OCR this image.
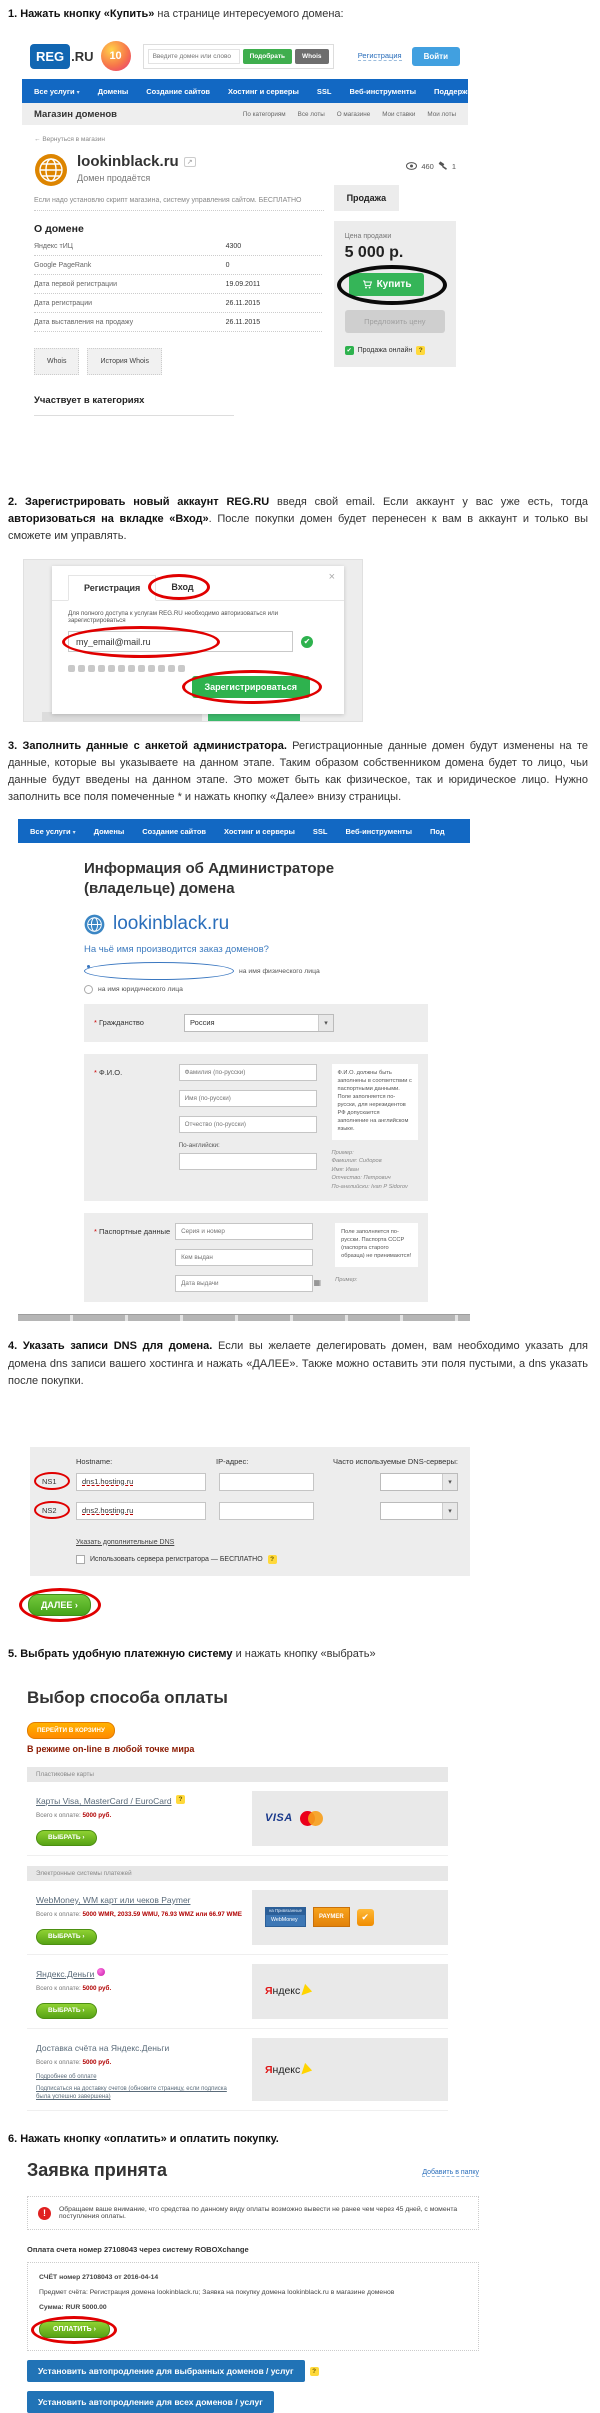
1. Нажать кнопку «Купить» на странице интересуемого домена:

REG .RU	10
Введите домен или слово	Подобрать	Whois	Регистрация	Войти
Все услуги ▾	Домены	Создание сайтов	Хостинг и серверы	SSL	Веб-инструменты	Поддержка
Магазин доменов	По категориям Все лоты О магазине Мои ставки Мои лоты
← Вернуться в магазин
lookinblack.ru	↗
Домен продаётся
460 1
Если надо установлю скрипт магазина, систему управления сайтом. БЕСПЛАТНО
О домене
Яндекс тИЦ	4300
Google PageRank	0
Дата первой регистрации	19.09.2011
Дата регистрации	26.11.2015
Дата выставления на продажу	26.11.2015
Whois	История Whois
Участвует в категориях
Продажа
Цена продажи
5 000 р.
Купить
Предложить цену
✔ Продажа онлайн	?

2. Зарегистрировать новый аккаунт REG.RU введя свой email. Если аккаунт у вас уже есть, тогда авторизоваться на вкладке «Вход». После покупки домен будет перенесен к вам в аккаунт и только вы сможете им управлять.

×
Регистрация	Вход
Для полного доступа к услугам REG.RU необходимо авторизоваться или зарегистрироваться
my_email@mail.ru
✔
Зарегистрироваться

3. Заполнить данные с анкетой администратора. Регистрационные данные домен будут изменены на те данные, которые вы указываете на данном этапе. Таким образом собственником домена будет то лицо, чьи данные будут введены на данном этапе. Это может быть как физическое, так и юридическое лицо. Нужно заполнить все поля помеченные * и нажать кнопку «Далее» внизу страницы.

Все услуги ▾	Домены	Создание сайтов	Хостинг и серверы	SSL	Веб-инструменты	Под
Информация об Администраторе (владельце) домена
lookinblack.ru
На чьё имя производится заказ доменов?
на имя физического лица
на имя юридического лица
* Гражданство	Россия	▾
* Ф.И.О.
Фамилия (по-русски)
Имя (по-русски)
Отчество (по-русски)
По-английски:
Ф.И.О. должны быть заполнены в соответствии с паспортными данными. Поле заполняется по-русски, для нерезидентов РФ допускается заполнение на английском языке.
Пример:
Фамилия: Сидоров
Имя: Иван
Отчество: Петрович
По-английски: Ivan P Sidorov
* Паспортные данные
Серия и номер
Кем выдан
Дата выдачи
▦
Поле заполняется по-русски. Паспорта СССР (паспорта старого образца) не принимаются!
Пример:

4. Указать записи DNS для домена. Если вы желаете делегировать домен, вам необходимо указать для домена dns записи вашего хостинга и нажать «ДАЛЕЕ». Также можно оставить эти поля пустыми, а dns указать после покупки.

Hostname:	IP-адрес:	Часто используемые DNS-серверы:
NS1
dns1.hosting.ru	▾
NS2
dns2.hosting.ru	▾
Указать дополнительные DNS
Использовать сервера регистратора — БЕСПЛАТНО	?
ДАЛЕЕ ›

5. Выбрать удобную платежную систему и нажать кнопку «выбрать»

Выбор способа оплаты
ПЕРЕЙТИ В КОРЗИНУ
В режиме on-line в любой точке мира
Пластиковые карты
Карты Visa, MasterCard / EuroCard ?
Всего к оплате: 5000 руб.
ВЫБРАТЬ ›
VISA
Электронные системы платежей
WebMoney, WM карт или чеков Paymer
Всего к оплате: 5000 WMR, 2033.59 WMU, 76.93 WMZ или 66.97 WME
ВЫБРАТЬ ›
на Привязанные
WebMoney	PAYMER	✔
Яндекс.Деньги
Всего к оплате: 5000 руб.
ВЫБРАТЬ ›
Яндекс
Доставка счёта на Яндекс.Деньги
Всего к оплате: 5000 руб.
Подробнее об оплате
Подписаться на доставку счетов (обновите страницу, если подписка была успешно завершена)
Яндекс
6. Нажать кнопку «оплатить» и оплатить покупку.
Заявка принята	Добавить в папку
!	Обращаем ваше внимание, что средства по данному виду оплаты возможно вывести не ранее чем через 45 дней, с момента поступления оплаты.
Оплата счета номер 27108043 через систему ROBOXchange

СЧЁТ номер 27108043 от 2016-04-14

Предмет счёта: Регистрация домена lookinblack.ru; Заявка на покупку домена lookinblack.ru в магазине доменов

Сумма: RUR 5000.00

ОПЛАТИТЬ ›
Установить автопродление для выбранных доменов / услуг	?
Установить автопродление для всех доменов / услуг
